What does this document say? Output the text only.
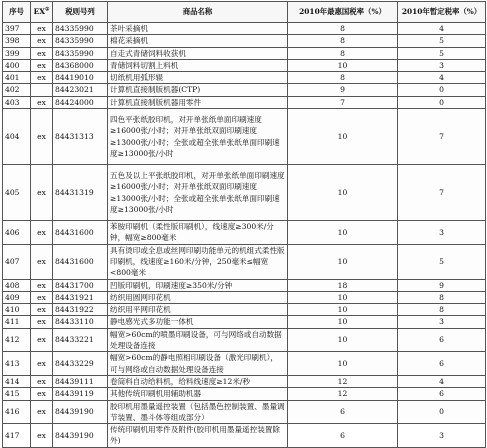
序号	EX①	税则号列	商品名称	2010年最惠国税率（%）	2010年暂定税率（%）
397	ex	84335990	茶叶采摘机	8	4
398	ex	84335990	棉花采摘机	8	5
399	ex	84335990	自走式青储饲料收获机	8	5
400	ex	84368000	青储饲料切割上料机	10	3
401	ex	84419010	切纸机用弧形辊	8	4
402		84423021	计算机直接制版机器(CTP)	9	0
403	ex	84424000	计算机直接制版机器用零件	7	0
404	ex	84431313	四色平张纸胶印机，对开单张纸单面印刷速度≥16000张/小时；对开单张纸双面印刷速度≥13000张/小时；全张或超全张单张纸单面印刷速度≥13000张/小时	10	7
405	ex	84431319	五色及以上平张纸胶印机，对开单张纸单面印刷速度≥16000张/小时；对开单张纸双面印刷速度≥13000张/小时；全张或超全张单张纸单面印刷速度≥13000张/小时	10	7
406	ex	84431600	苯胺印刷机（柔性版印刷机），线速度≥300米/分钟，幅宽≥800毫米	10	3
407	ex	84431600	具有烫印或全息或丝网印刷功能单元的机组式柔性版印刷机，线速度≥160米/分钟，250毫米≤幅宽<800毫米	10	5
408	ex	84431700	凹版印刷机，印刷速度≥350米/分钟	18	9
409	ex	84431921	纺织用圆网印花机	10	8
410	ex	84431922	纺织用平网印花机	10	8
411	ex	84433110	静电感光式多功能一体机	10	3
412	ex	84433221	幅宽>60cm的喷墨印刷设备，可与网络或自动数据处理设备连接	10	6
413	ex	84433229	幅宽>60cm的静电照相印刷设备（激光印刷机），可与网络或自动数据处理设备连接	10	6
414	ex	84439111	卷筒料自动给料机，给料线速度≥12米/秒	12	4
415	ex	84439119	其他传统印刷机用辅助机器	12	6
416	ex	84439190	胶印机用墨量遥控装置（包括墨色控制装置、墨量调节装置、墨斗体等组成部分）	6	0
417	ex	84439190	传统印刷机用零件及附件(胶印机用墨量遥控装置除外)	6	3
